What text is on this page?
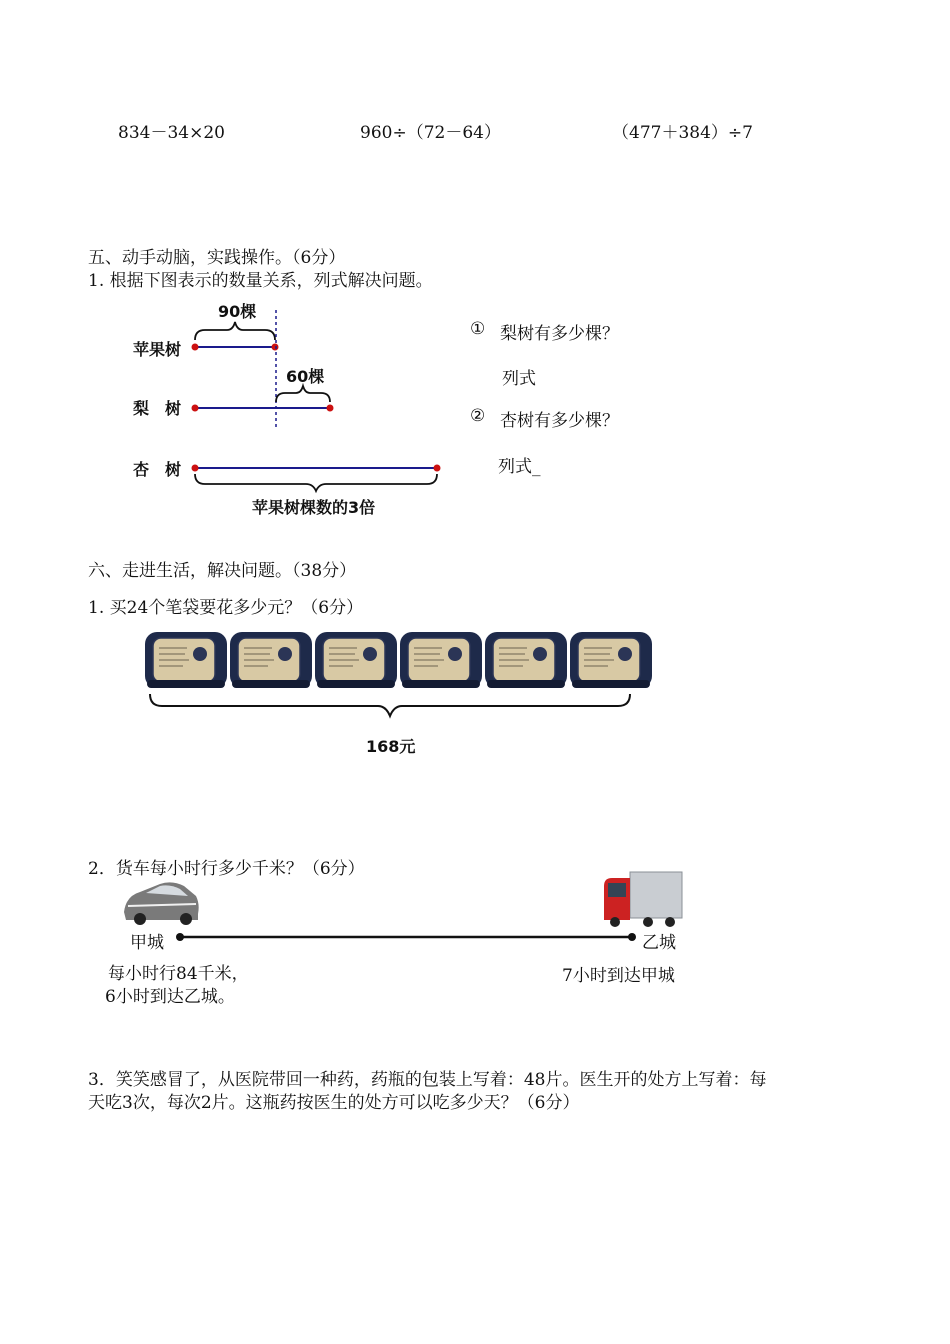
834－34×20	960÷（72－64）	（477＋384）÷7
五、动手动脑，实践操作。（6分）
1. 根据下图表示的数量关系，列式解决问题。
苹果树
梨　树
杏　树
90棵
60棵
苹果树棵数的3倍
① 梨树有多少棵？
列式
② 杏树有多少棵？
列式_
六、走进生活，解决问题。（38分）
1. 买24个笔袋要花多少元？（6分）
168元
2．货车每小时行多少千米？（6分）
甲城	乙城
每小时行84千米，
6小时到达乙城。
7小时到达甲城
3．笑笑感冒了，从医院带回一种药，药瓶的包装上写着：48片。医生开的处方上写着：每
天吃3次，每次2片。这瓶药按医生的处方可以吃多少天？（6分）
